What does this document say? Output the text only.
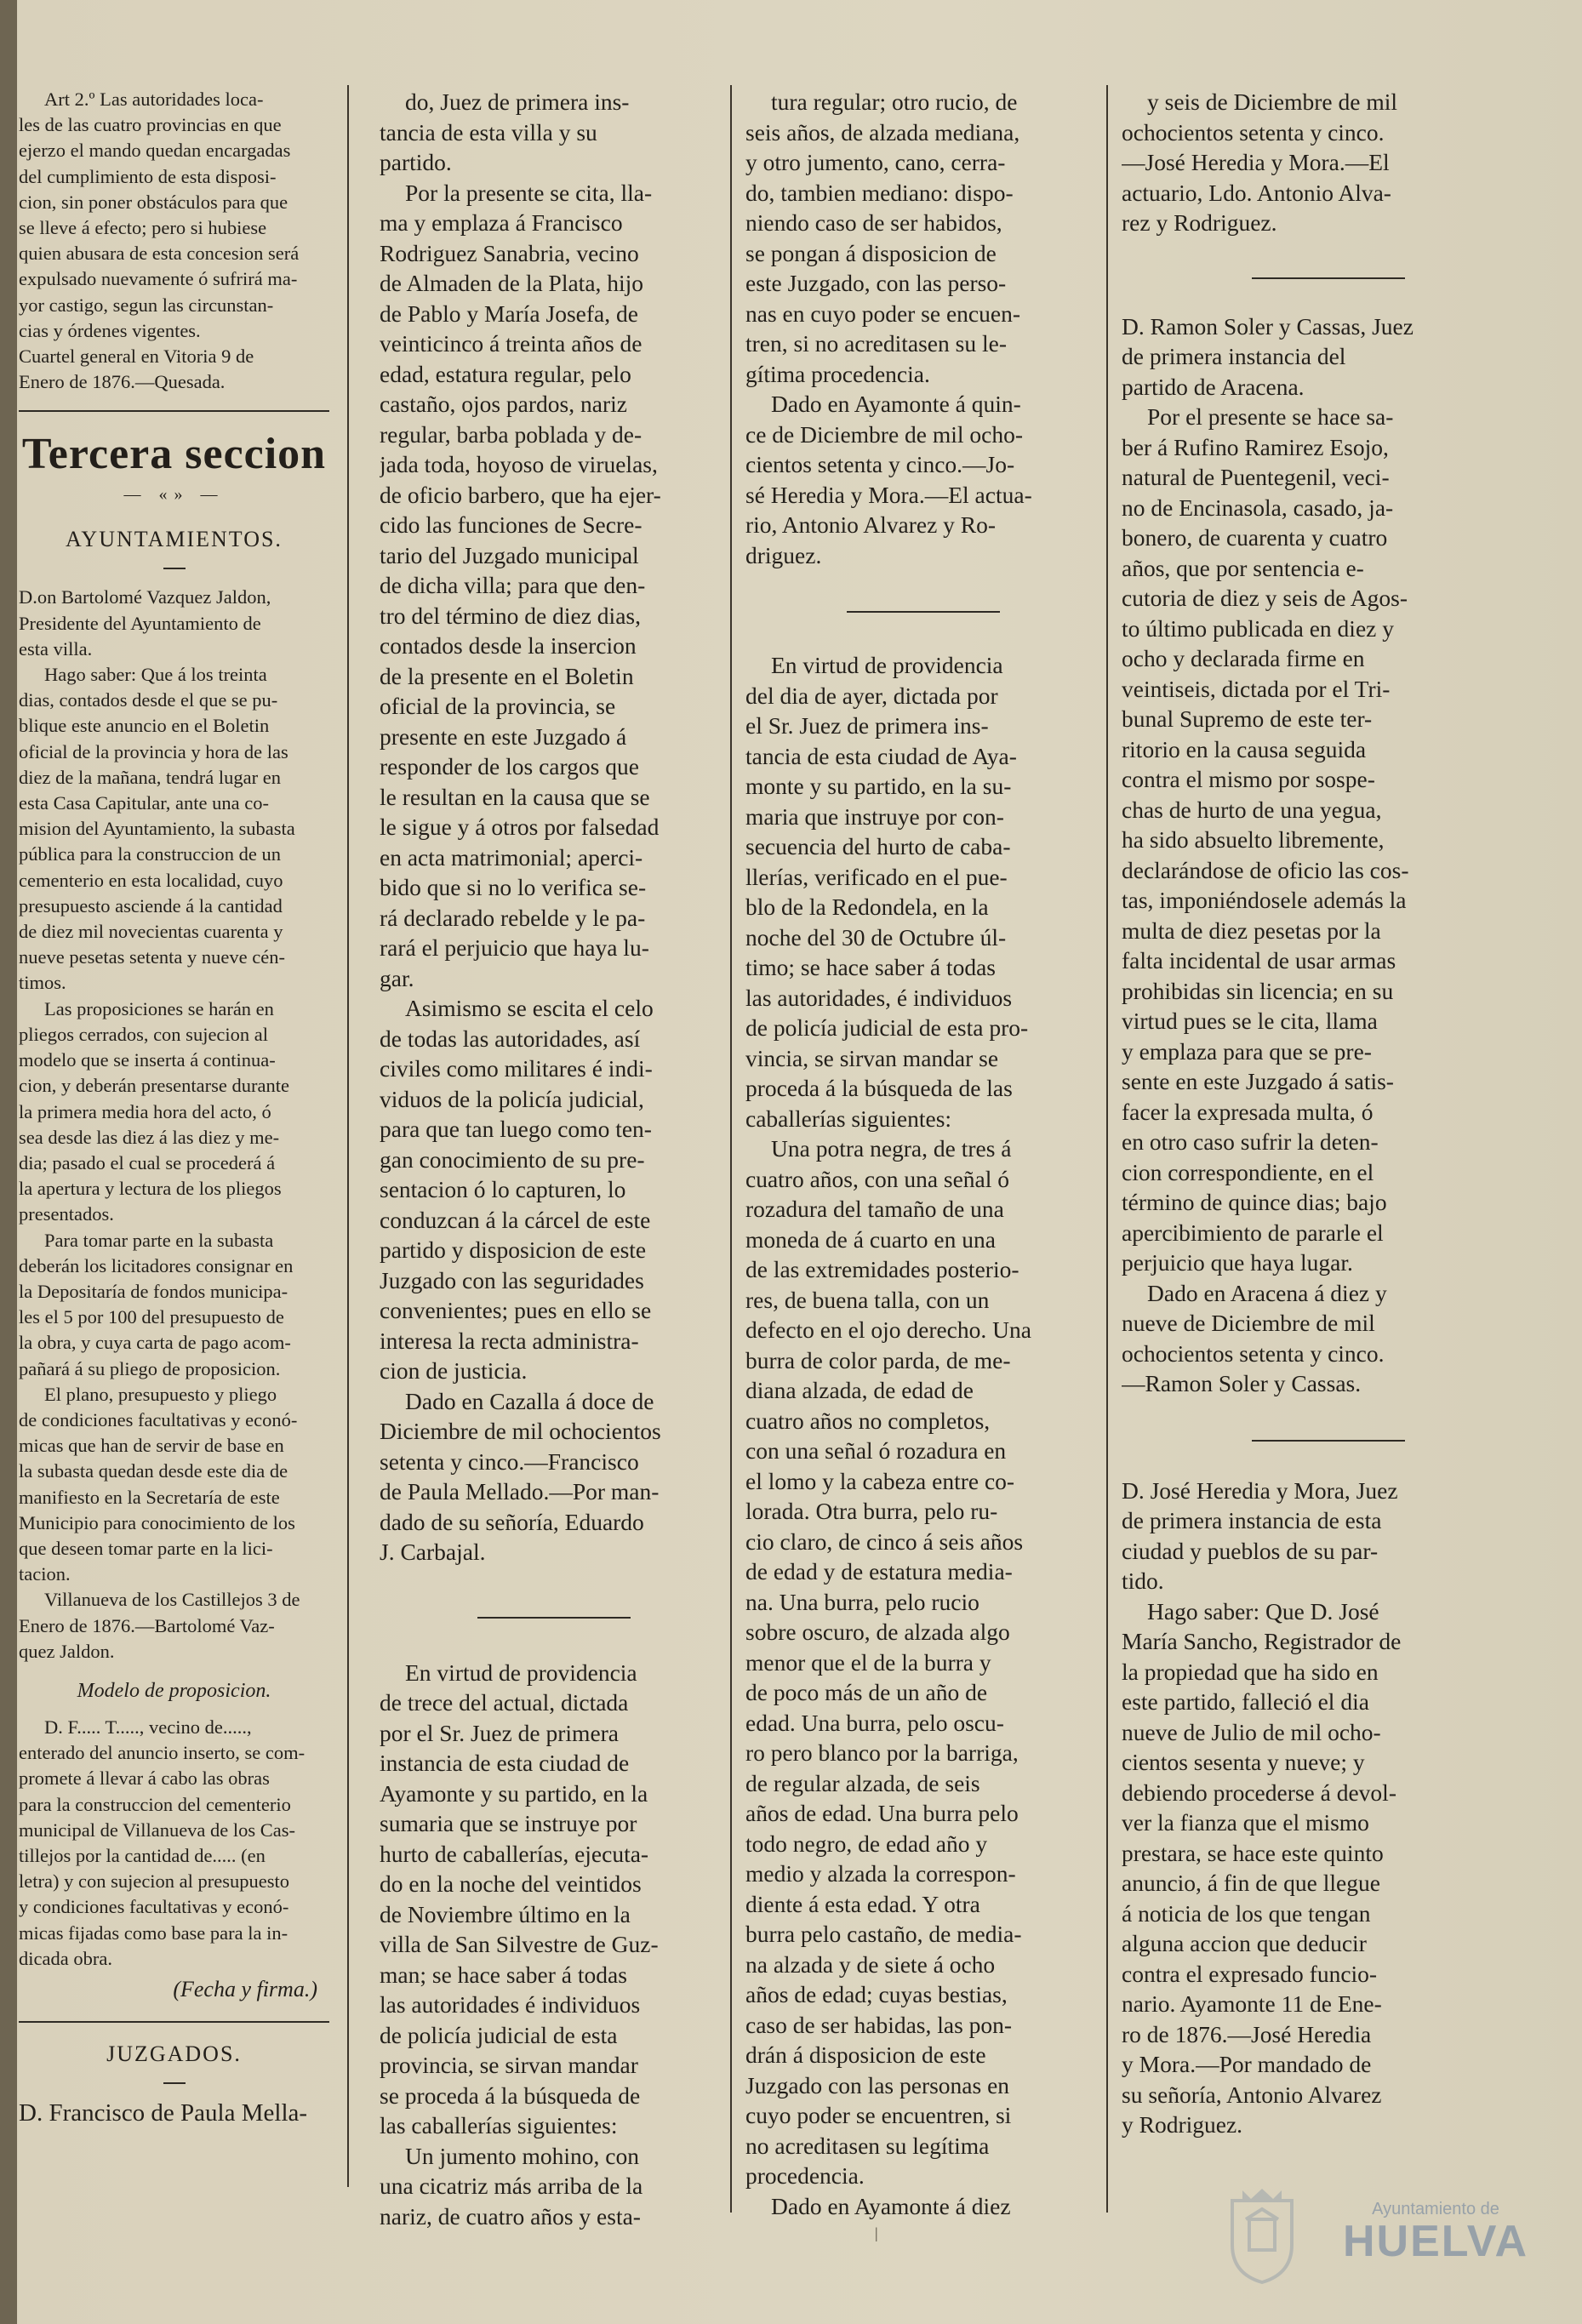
Art 2.º Las autoridades loca-

les de las cuatro provincias en que

ejerzo el mando quedan encargadas

del cumplimiento de esta disposi-

cion, sin poner obstáculos para que

se lleve á efecto; pero si hubiese

quien abusara de esta concesion será

expulsado nuevamente ó sufrirá ma-

yor castigo, segun las circunstan-

cias y órdenes vigentes.

Cuartel general en Vitoria 9 de

Enero de 1876.—Quesada.

Tercera seccion
— «» —
AYUNTAMIENTOS.

D.on Bartolomé Vazquez Jaldon,

Presidente del Ayuntamiento de

esta villa.

Hago saber: Que á los treinta

dias, contados desde el que se pu-

blique este anuncio en el Boletin

oficial de la provincia y hora de las

diez de la mañana, tendrá lugar en

esta Casa Capitular, ante una co-

mision del Ayuntamiento, la subasta

pública para la construccion de un

cementerio en esta localidad, cuyo

presupuesto asciende á la cantidad

de diez mil novecientas cuarenta y

nueve pesetas setenta y nueve cén-

timos.

Las proposiciones se harán en

pliegos cerrados, con sujecion al

modelo que se inserta á continua-

cion, y deberán presentarse durante

la primera media hora del acto, ó

sea desde las diez á las diez y me-

dia; pasado el cual se procederá á

la apertura y lectura de los pliegos

presentados.

Para tomar parte en la subasta

deberán los licitadores consignar en

la Depositaría de fondos municipa-

les el 5 por 100 del presupuesto de

la obra, y cuya carta de pago acom-

pañará á su pliego de proposicion.

El plano, presupuesto y pliego

de condiciones facultativas y econó-

micas que han de servir de base en

la subasta quedan desde este dia de

manifiesto en la Secretaría de este

Municipio para conocimiento de los

que deseen tomar parte en la lici-

tacion.

Villanueva de los Castillejos 3 de

Enero de 1876.—Bartolomé Vaz-

quez Jaldon.

Modelo de proposicion.

D. F..... T....., vecino de.....,

enterado del anuncio inserto, se com-

promete á llevar á cabo las obras

para la construccion del cementerio

municipal de Villanueva de los Cas-

tillejos por la cantidad de..... (en

letra) y con sujecion al presupuesto

y condiciones facultativas y econó-

micas fijadas como base para la in-

dicada obra.

(Fecha y firma.)
JUZGADOS.
D. Francisco de Paula Mella-

do, Juez de primera ins-

tancia de esta villa y su

partido.

Por la presente se cita, lla-

ma y emplaza á Francisco

Rodriguez Sanabria, vecino

de Almaden de la Plata, hijo

de Pablo y María Josefa, de

veinticinco á treinta años de

edad, estatura regular, pelo

castaño, ojos pardos, nariz

regular, barba poblada y de-

jada toda, hoyoso de viruelas,

de oficio barbero, que ha ejer-

cido las funciones de Secre-

tario del Juzgado municipal

de dicha villa; para que den-

tro del término de diez dias,

contados desde la insercion

de la presente en el Boletin

oficial de la provincia, se

presente en este Juzgado á

responder de los cargos que

le resultan en la causa que se

le sigue y á otros por falsedad

en acta matrimonial; aperci-

bido que si no lo verifica se-

rá declarado rebelde y le pa-

rará el perjuicio que haya lu-

gar.

Asimismo se escita el celo

de todas las autoridades, así

civiles como militares é indi-

viduos de la policía judicial,

para que tan luego como ten-

gan conocimiento de su pre-

sentacion ó lo capturen, lo

conduzcan á la cárcel de este

partido y disposicion de este

Juzgado con las seguridades

convenientes; pues en ello se

interesa la recta administra-

cion de justicia.

Dado en Cazalla á doce de

Diciembre de mil ochocientos

setenta y cinco.—Francisco

de Paula Mellado.—Por man-

dado de su señoría, Eduardo

J. Carbajal.

En virtud de providencia

de trece del actual, dictada

por el Sr. Juez de primera

instancia de esta ciudad de

Ayamonte y su partido, en la

sumaria que se instruye por

hurto de caballerías, ejecuta-

do en la noche del veintidos

de Noviembre último en la

villa de San Silvestre de Guz-

man; se hace saber á todas

las autoridades é individuos

de policía judicial de esta

provincia, se sirvan mandar

se proceda á la búsqueda de

las caballerías siguientes:

Un jumento mohino, con

una cicatriz más arriba de la

nariz, de cuatro años y esta-

tura regular; otro rucio, de

seis años, de alzada mediana,

y otro jumento, cano, cerra-

do, tambien mediano: dispo-

niendo caso de ser habidos,

se pongan á disposicion de

este Juzgado, con las perso-

nas en cuyo poder se encuen-

tren, si no acreditasen su le-

gítima procedencia.

Dado en Ayamonte á quin-

ce de Diciembre de mil ocho-

cientos setenta y cinco.—Jo-

sé Heredia y Mora.—El actua-

rio, Antonio Alvarez y Ro-

driguez.

En virtud de providencia

del dia de ayer, dictada por

el Sr. Juez de primera ins-

tancia de esta ciudad de Aya-

monte y su partido, en la su-

maria que instruye por con-

secuencia del hurto de caba-

llerías, verificado en el pue-

blo de la Redondela, en la

noche del 30 de Octubre úl-

timo; se hace saber á todas

las autoridades, é individuos

de policía judicial de esta pro-

vincia, se sirvan mandar se

proceda á la búsqueda de las

caballerías siguientes:

Una potra negra, de tres á

cuatro años, con una señal ó

rozadura del tamaño de una

moneda de á cuarto en una

de las extremidades posterio-

res, de buena talla, con un

defecto en el ojo derecho. Una

burra de color parda, de me-

diana alzada, de edad de

cuatro años no completos,

con una señal ó rozadura en

el lomo y la cabeza entre co-

lorada. Otra burra, pelo ru-

cio claro, de cinco á seis años

de edad y de estatura media-

na. Una burra, pelo rucio

sobre oscuro, de alzada algo

menor que el de la burra y

de poco más de un año de

edad. Una burra, pelo oscu-

ro pero blanco por la barriga,

de regular alzada, de seis

años de edad. Una burra pelo

todo negro, de edad año y

medio y alzada la correspon-

diente á esta edad. Y otra

burra pelo castaño, de media-

na alzada y de siete á ocho

años de edad; cuyas bestias,

caso de ser habidas, las pon-

drán á disposicion de este

Juzgado con las personas en

cuyo poder se encuentren, si

no acreditasen su legítima

procedencia.

Dado en Ayamonte á diez

y seis de Diciembre de mil

ochocientos setenta y cinco.

—José Heredia y Mora.—El

actuario, Ldo. Antonio Alva-

rez y Rodriguez.

D. Ramon Soler y Cassas, Juez

de primera instancia del

partido de Aracena.

Por el presente se hace sa-

ber á Rufino Ramirez Esojo,

natural de Puentegenil, veci-

no de Encinasola, casado, ja-

bonero, de cuarenta y cuatro

años, que por sentencia e-

cutoria de diez y seis de Agos-

to último publicada en diez y

ocho y declarada firme en

veintiseis, dictada por el Tri-

bunal Supremo de este ter-

ritorio en la causa seguida

contra el mismo por sospe-

chas de hurto de una yegua,

ha sido absuelto libremente,

declarándose de oficio las cos-

tas, imponiéndosele además la

multa de diez pesetas por la

falta incidental de usar armas

prohibidas sin licencia; en su

virtud pues se le cita, llama

y emplaza para que se pre-

sente en este Juzgado á satis-

facer la expresada multa, ó

en otro caso sufrir la deten-

cion correspondiente, en el

término de quince dias; bajo

apercibimiento de pararle el

perjuicio que haya lugar.

Dado en Aracena á diez y

nueve de Diciembre de mil

ochocientos setenta y cinco.

—Ramon Soler y Cassas.

D. José Heredia y Mora, Juez

de primera instancia de esta

ciudad y pueblos de su par-

tido.

Hago saber: Que D. José

María Sancho, Registrador de

la propiedad que ha sido en

este partido, falleció el dia

nueve de Julio de mil ocho-

cientos sesenta y nueve; y

debiendo procederse á devol-

ver la fianza que el mismo

prestara, se hace este quinto

anuncio, á fin de que llegue

á noticia de los que tengan

alguna accion que deducir

contra el expresado funcio-

nario. Ayamonte 11 de Ene-

ro de 1876.—José Heredia

y Mora.—Por mandado de

su señoría, Antonio Alvarez

y Rodriguez.

|
Ayuntamiento de
HUELVA
